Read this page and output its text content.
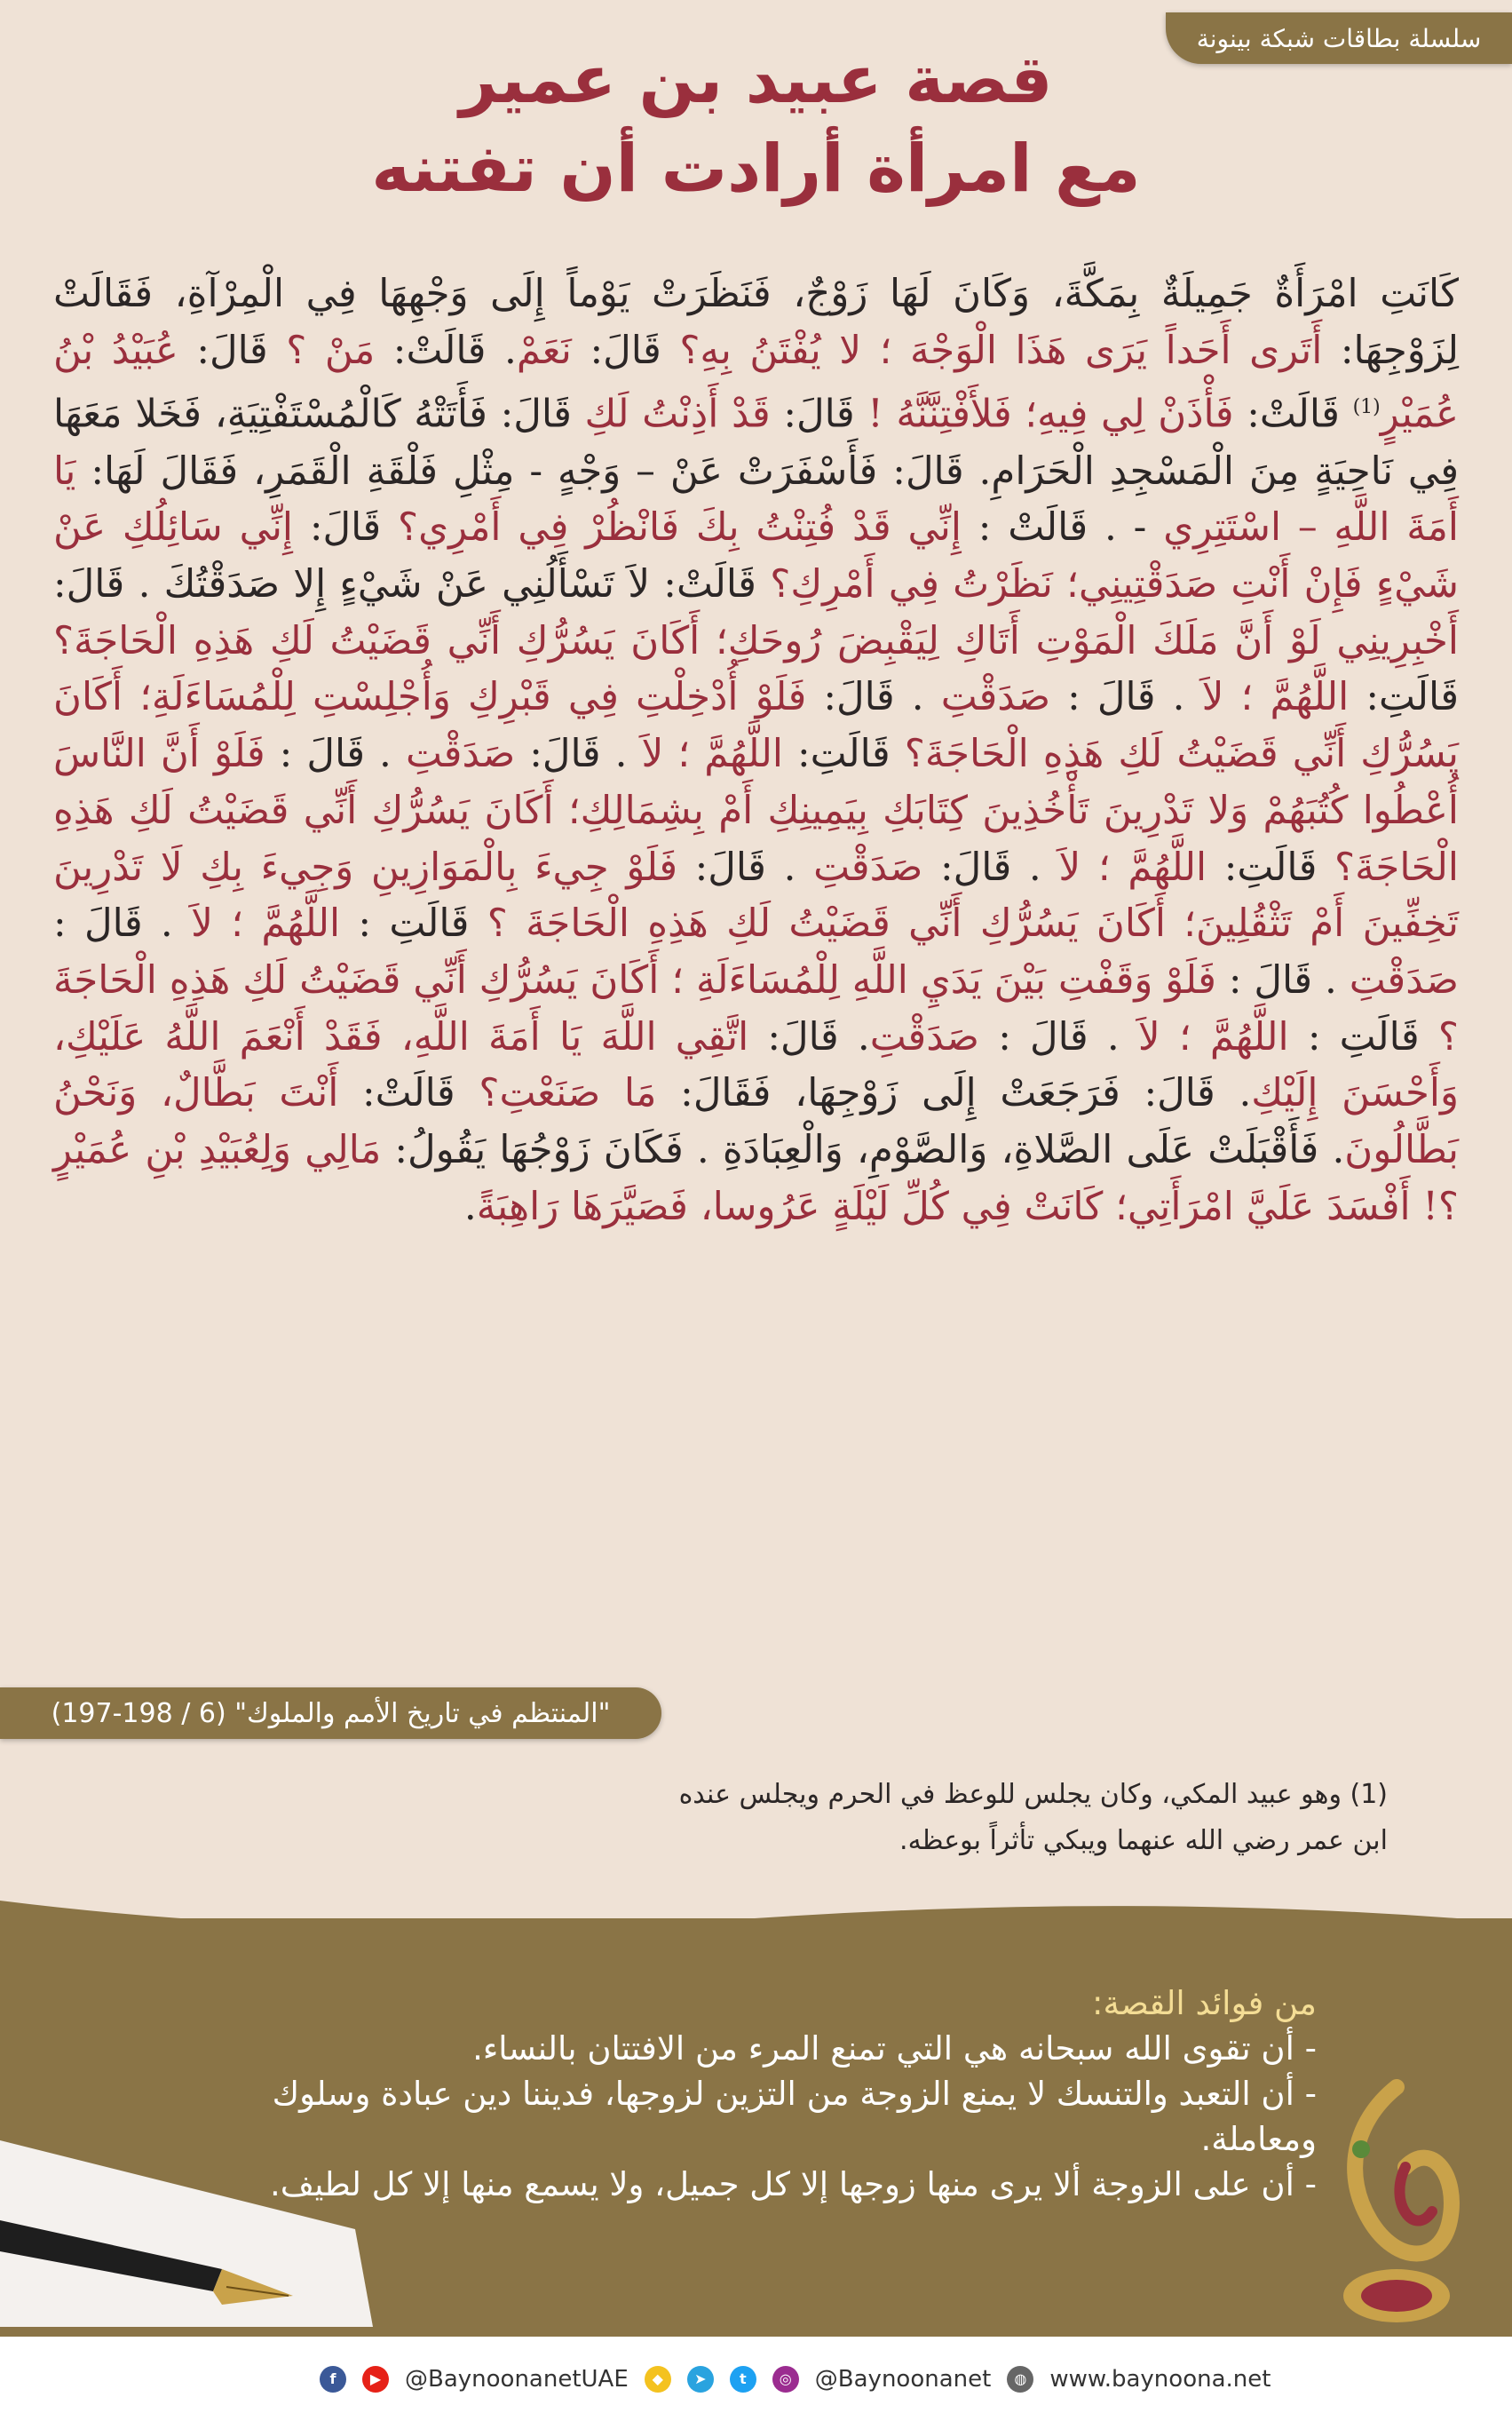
سلسلة بطاقات شبكة بينونة
قصة عبيد بن عمير
مع امرأة أرادت أن تفتنه
كَانَتِ امْرَأَةٌ جَمِيلَةٌ بِمَكَّةَ، وَكَانَ لَهَا زَوْجٌ، فَنَظَرَتْ يَوْماً إِلَى وَجْهِهَا فِي الْمِرْآةِ، فَقَالَتْ لِزَوْجِهَا: أَتَرى أَحَداً يَرَى هَذَا الْوَجْهَ ؛ لا يُفْتَنُ بِهِ؟ قَالَ: نَعَمْ. قَالَتْ: مَنْ ؟ قَالَ: عُبَيْدُ بْنُ عُمَيْرٍ$^{(1)}$ قَالَتْ: فَأْذَنْ لِي فِيهِ؛ فَلأَفْتِنَّنَّهُ ! قَالَ: قَدْ أَذِنْتُ لَكِ قَالَ: فَأَتَتْهُ كَالْمُسْتَفْتِيَةِ، فَخَلا مَعَهَا فِي نَاحِيَةٍ مِنَ الْمَسْجِدِ الْحَرَامِ. قَالَ: فَأَسْفَرَتْ عَنْ – وَجْهٍ - مِثْلِ فَلْقَةِ الْقَمَرِ، فَقَالَ لَهَا: يَا أَمَةَ اللَّهِ – اسْتَتِرِي - . قَالَتْ : إِنِّي قَدْ فُتِنْتُ بِكَ فَانْظُرْ فِي أَمْرِي؟ قَالَ: إِنِّي سَائِلُكِ عَنْ شَيْءٍ فَإِنْ أَنْتِ صَدَقْتِينِي؛ نَظَرْتُ فِي أَمْرِكِ؟ قَالَتْ: لاَ تَسْأَلُنِي عَنْ شَيْءٍ إِلا صَدَقْتُكَ . قَالَ: أَخْبِرِينِي لَوْ أَنَّ مَلَكَ الْمَوْتِ أَتَاكِ لِيَقْبِضَ رُوحَكِ؛ أَكَانَ يَسُرُّكِ أَنِّي قَضَيْتُ لَكِ هَذِهِ الْحَاجَةَ؟ قَالَتِ: اللَّهُمَّ ؛ لاَ . قَالَ : صَدَقْتِ . قَالَ: فَلَوْ أُدْخِلْتِ فِي قَبْرِكِ وَأُجْلِسْتِ لِلْمُسَاءَلَةِ؛ أَكَانَ يَسُرُّكِ أَنِّي قَضَيْتُ لَكِ هَذِهِ الْحَاجَةَ؟ قَالَتِ: اللَّهُمَّ ؛ لاَ . قَالَ: صَدَقْتِ . قَالَ : فَلَوْ أَنَّ النَّاسَ أُعْطُوا كُتُبَهُمْ وَلا تَدْرِينَ تَأْخُذِينَ كِتَابَكِ بِيَمِينِكِ أَمْ بِشِمَالِكِ؛ أَكَانَ يَسُرُّكِ أَنِّي قَضَيْتُ لَكِ هَذِهِ الْحَاجَةَ؟ قَالَتِ: اللَّهُمَّ ؛ لاَ . قَالَ: صَدَقْتِ . قَالَ: فَلَوْ جِيءَ بِالْمَوَازِينِ وَجِيءَ بِكِ لَا تَدْرِينَ تَخِفِّينَ أَمْ تَثْقُلِينَ؛ أَكَانَ يَسُرُّكِ أَنِّي قَضَيْتُ لَكِ هَذِهِ الْحَاجَةَ ؟ قَالَتِ : اللَّهُمَّ ؛ لاَ . قَالَ : صَدَقْتِ . قَالَ : فَلَوْ وَقَفْتِ بَيْنَ يَدَيِ اللَّهِ لِلْمُسَاءَلَةِ ؛ أَكَانَ يَسُرُّكِ أَنِّي قَضَيْتُ لَكِ هَذِهِ الْحَاجَةَ ؟ قَالَتِ : اللَّهُمَّ ؛ لاَ . قَالَ : صَدَقْتِ. قَالَ: اتَّقِي اللَّهَ يَا أَمَةَ اللَّهِ، فَقَدْ أَنْعَمَ اللَّهُ عَلَيْكِ، وَأَحْسَنَ إِلَيْكِ. قَالَ: فَرَجَعَتْ إِلَى زَوْجِهَا، فَقَالَ: مَا صَنَعْتِ؟ قَالَتْ: أَنْتَ بَطَّالٌ، وَنَحْنُ بَطَّالُونَ. فَأَقْبَلَتْ عَلَى الصَّلاةِ، وَالصَّوْمِ، وَالْعِبَادَةِ . فَكَانَ زَوْجُهَا يَقُولُ: مَالِي وَلِعُبَيْدِ بْنِ عُمَيْرٍ ؟! أَفْسَدَ عَلَيَّ امْرَأَتِي؛ كَانَتْ فِي كُلِّ لَيْلَةٍ عَرُوسا، فَصَيَّرَهَا رَاهِبَةً.
"المنتظم في تاريخ الأمم والملوك" (6 / 198-197)
(1) وهو عبيد المكي، وكان يجلس للوعظ في الحرم ويجلس عنده
ابن عمر رضي الله عنهما ويبكي تأثراً بوعظه.
من فوائد القصة:
- أن تقوى الله سبحانه هي التي تمنع المرء من الافتتان بالنساء.
- أن التعبد والتنسك لا يمنع الزوجة من التزين لزوجها، فديننا دين عبادة وسلوك ومعاملة.
- أن على الزوجة ألا يرى منها زوجها إلا كل جميل، ولا يسمع منها إلا كل لطيف.
f	▶	@BaynoonanetUAE	◆	➤	t	◎	@Baynoonanet	◍	www.baynoona.net
